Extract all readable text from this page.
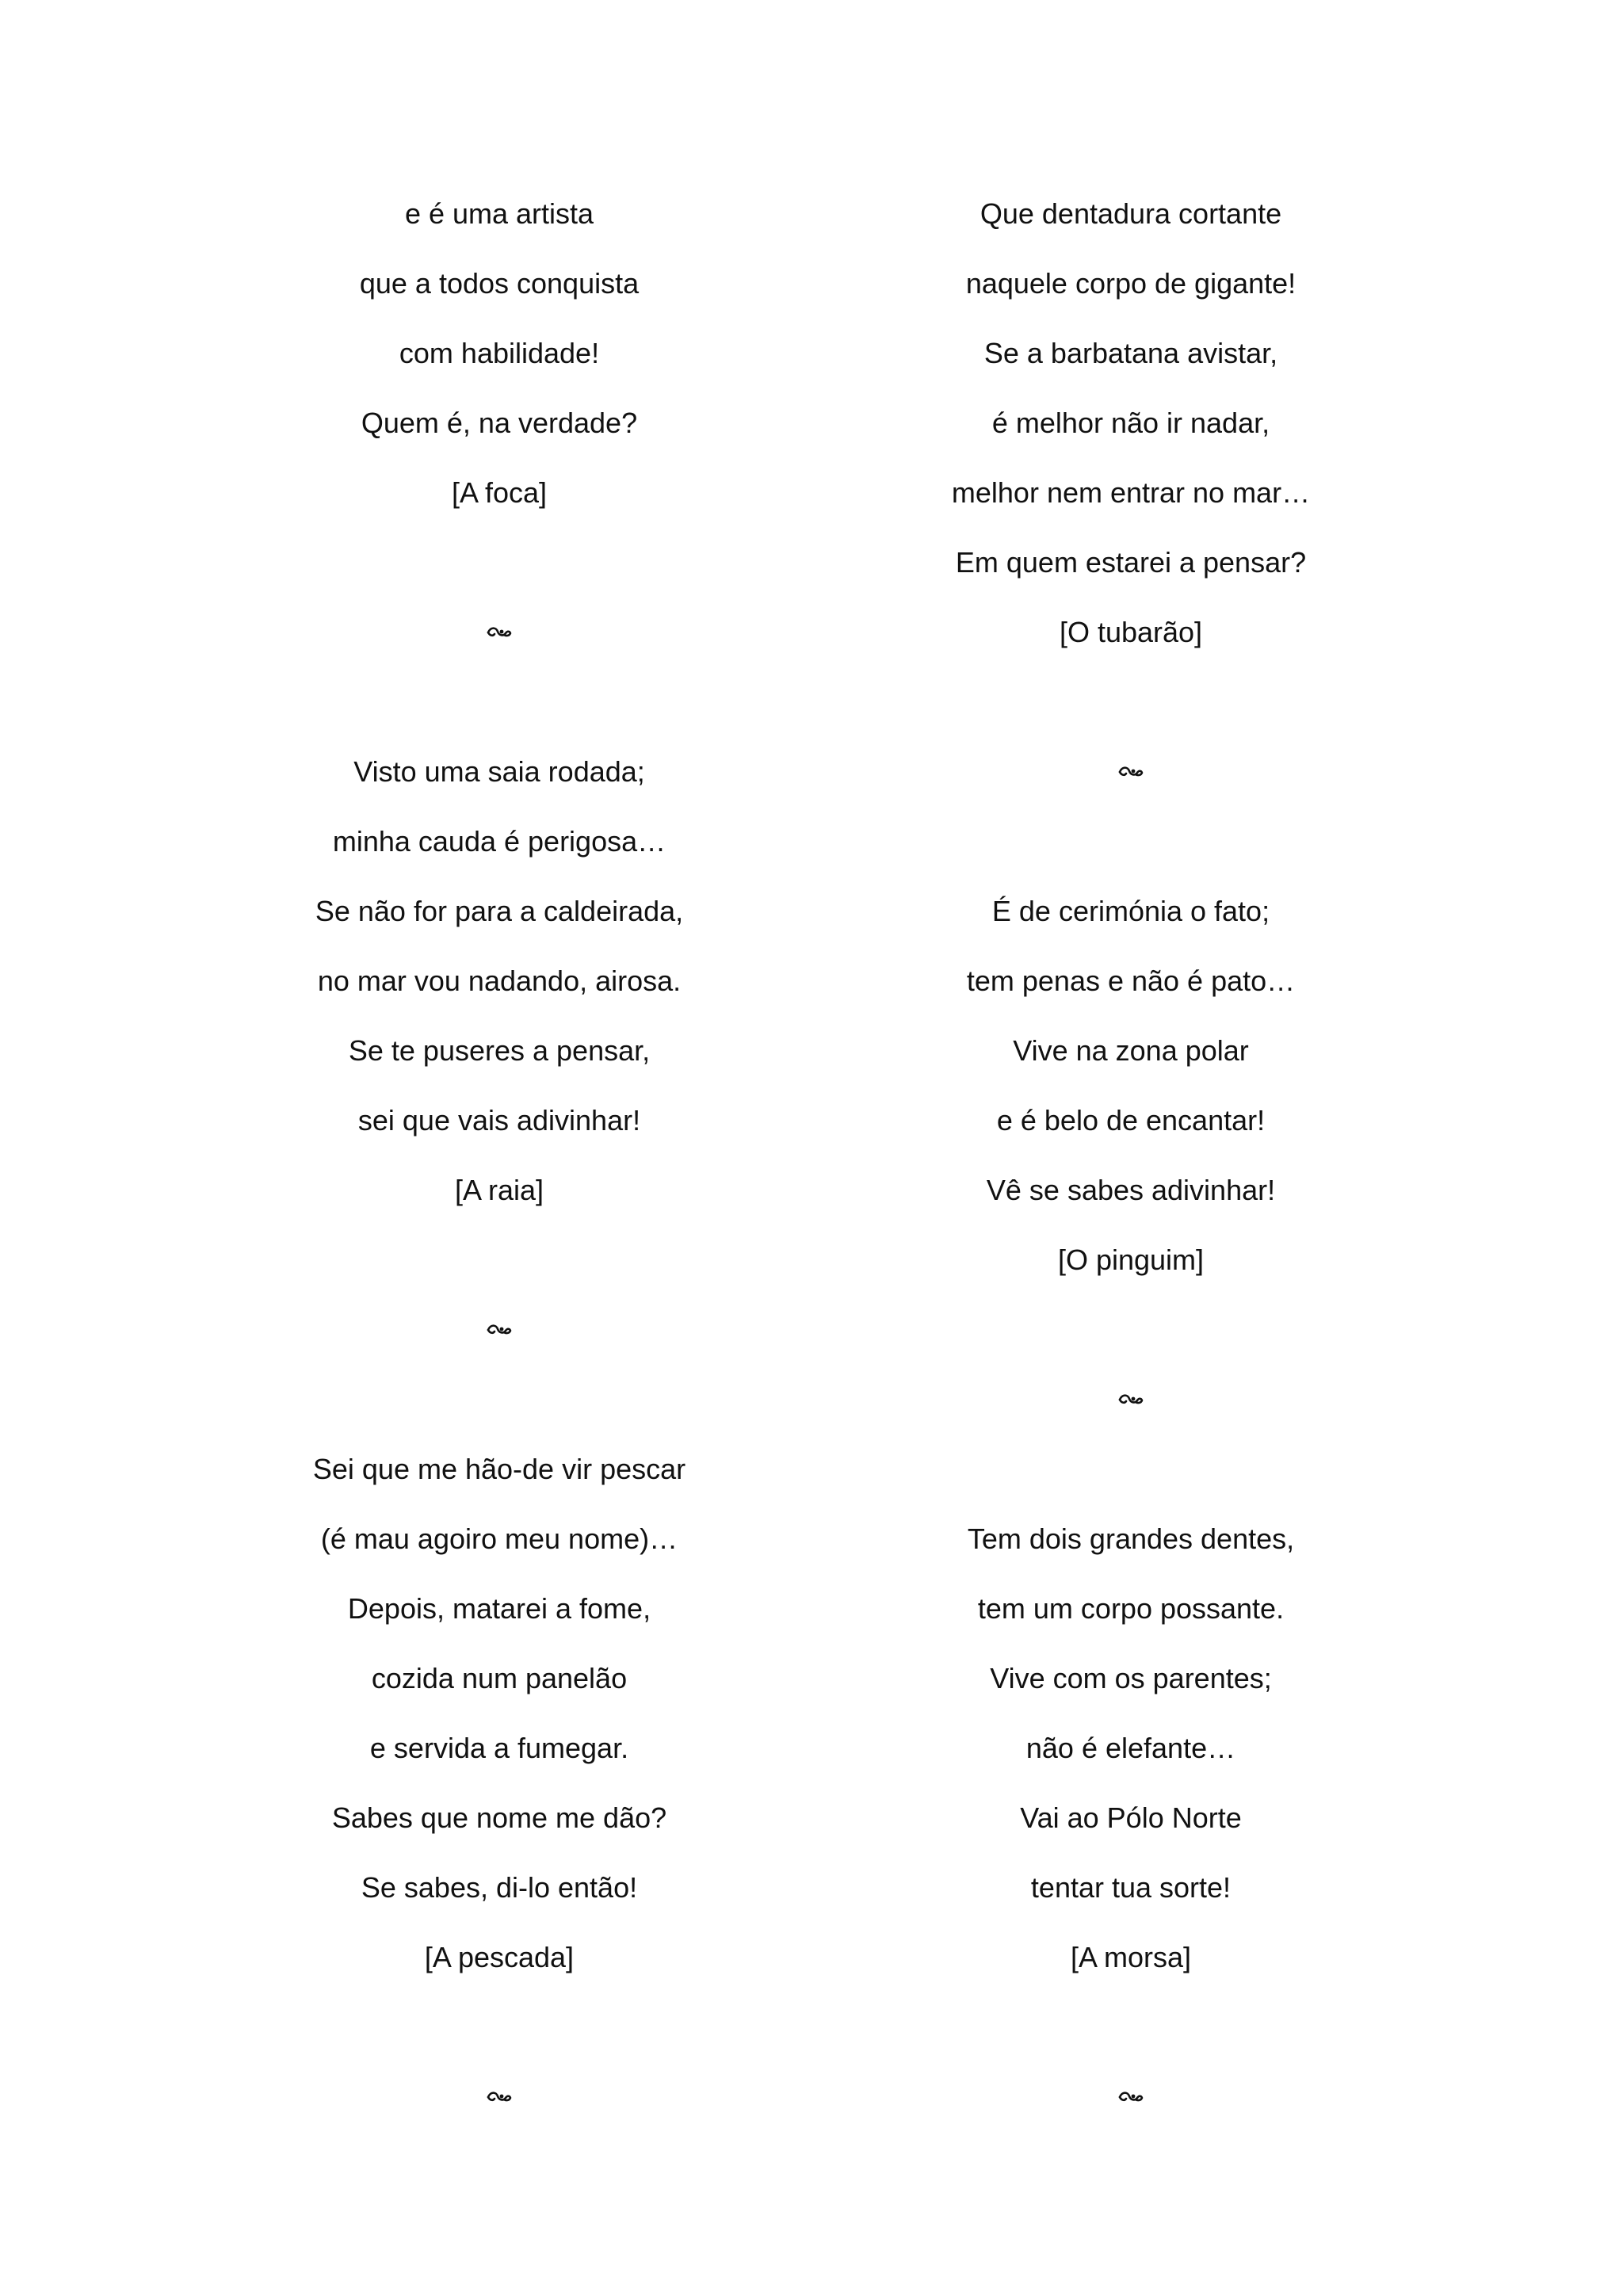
e é uma artista
que a todos conquista
com habilidade!
Quem é, na verdade?
[A foca]
Visto uma saia rodada;
minha cauda é perigosa…
Se não for para a caldeirada,
no mar vou nadando, airosa.
Se te puseres a pensar,
sei que vais adivinhar!
[A raia]
Sei que me hão-de vir pescar
(é mau agoiro meu nome)…
Depois, matarei a fome,
cozida num panelão
e servida a fumegar.
Sabes que nome me dão?
Se sabes, di-lo então!
[A pescada]
Que dentadura cortante
naquele corpo de gigante!
Se a barbatana avistar,
é melhor não ir nadar,
melhor nem entrar no mar…
Em quem estarei a pensar?
[O tubarão]
É de cerimónia o fato;
tem penas e não é pato…
Vive na zona polar
e é belo de encantar!
Vê se sabes adivinhar!
[O pinguim]
Tem dois grandes dentes,
tem um corpo possante.
Vive com os parentes;
não é elefante…
Vai ao Pólo Norte
tentar tua sorte!
[A morsa]
